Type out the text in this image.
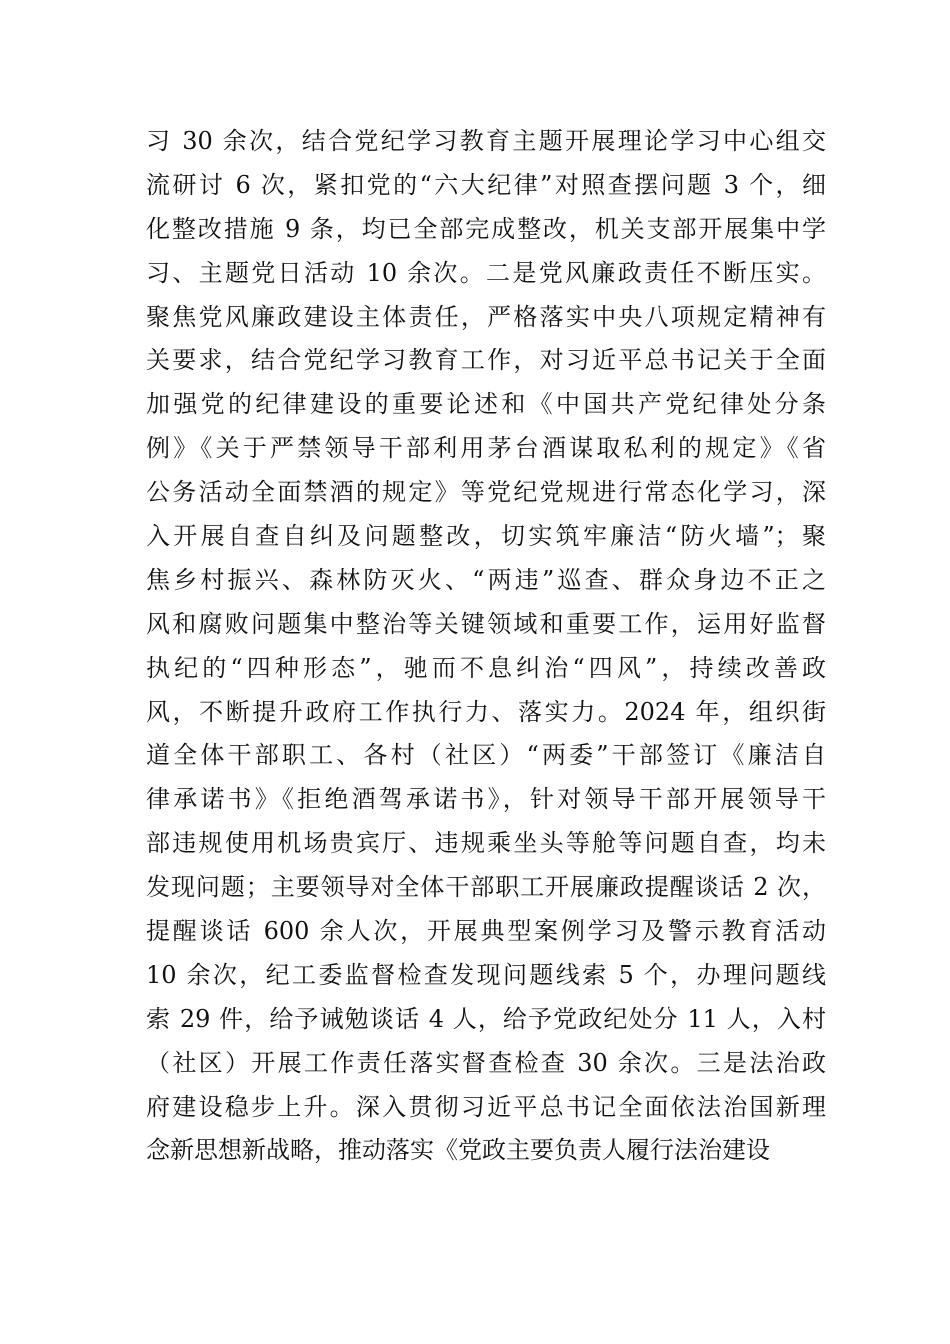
习 30 余次，结合党纪学习教育主题开展理论学习中心组交
流研讨 6 次，紧扣党的“六大纪律”对照查摆问题 3 个，细
化整改措施 9 条，均已全部完成整改，机关支部开展集中学
习、主题党日活动 10 余次。二是党风廉政责任不断压实。
聚焦党风廉政建设主体责任，严格落实中央八项规定精神有
关要求，结合党纪学习教育工作，对习近平总书记关于全面
加强党的纪律建设的重要论述和《中国共产党纪律处分条
例》《关于严禁领导干部利用茅台酒谋取私利的规定》《省
公务活动全面禁酒的规定》等党纪党规进行常态化学习，深
入开展自查自纠及问题整改，切实筑牢廉洁“防火墙”；聚
焦乡村振兴、森林防灭火、“两违”巡查、群众身边不正之
风和腐败问题集中整治等关键领域和重要工作，运用好监督
执纪的“四种形态”，驰而不息纠治“四风”，持续改善政
风，不断提升政府工作执行力、落实力。2024 年，组织街
道全体干部职工、各村（社区）“两委”干部签订《廉洁自
律承诺书》《拒绝酒驾承诺书》，针对领导干部开展领导干
部违规使用机场贵宾厅、违规乘坐头等舱等问题自查，均未
发现问题；主要领导对全体干部职工开展廉政提醒谈话 2 次，
提醒谈话 600 余人次，开展典型案例学习及警示教育活动
10 余次，纪工委监督检查发现问题线索 5 个，办理问题线
索 29 件，给予诫勉谈话 4 人，给予党政纪处分 11 人，入村
（社区）开展工作责任落实督查检查 30 余次。三是法治政
府建设稳步上升。深入贯彻习近平总书记全面依法治国新理
念新思想新战略，推动落实《党政主要负责人履行法治建设
